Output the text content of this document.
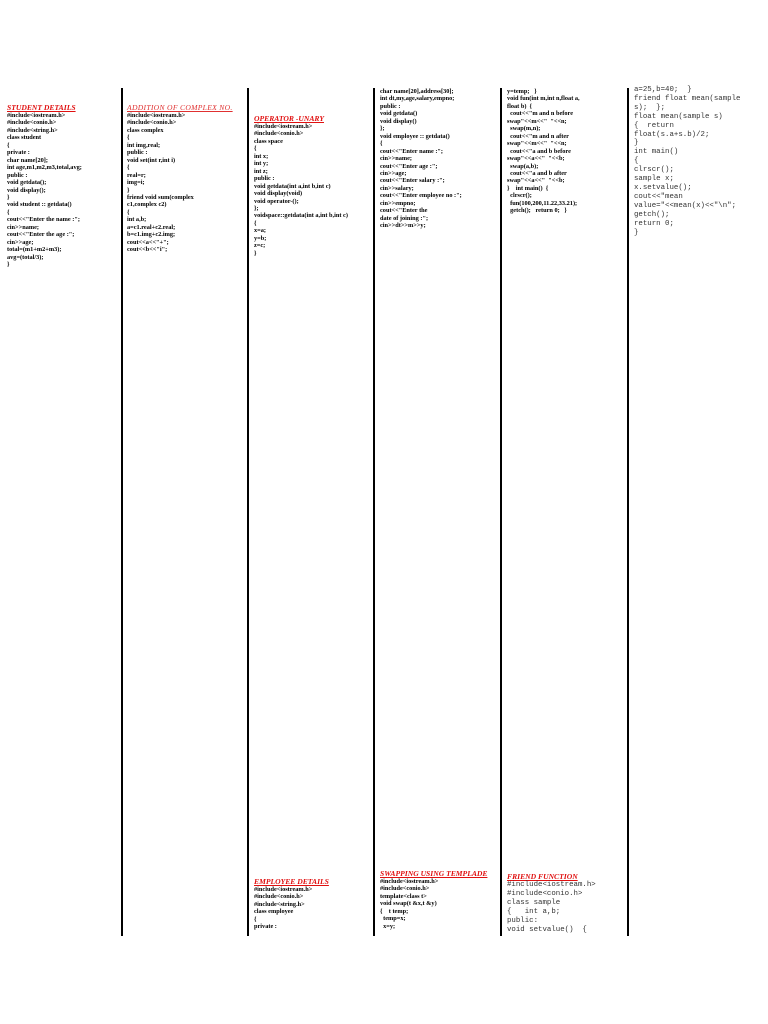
STUDENT DETAILS
#include<iostream.h>
#include<conio.h>
#include<string.h>
class student
{
private :
char name[20];
int age,m1,m2,m3,total,avg;
public :
void getdata();
void display();
}
void student :: getdata()
{
cout<<"Enter the name :";
cin>>name;
cout<<"Enter the age :";
cin>>age;
total=(m1+m2+m3);
avg=(total/3);
}
ADDITION OF COMPLEX NO.
#include<iostream.h>
#include<conio.h>
class complex
{
int img,real;
public :
void set(int r,int i)
{
real=r;
img=i;
}
friend void sum(complex
c1,complex c2)
{
int a,b;
a=c1.real+c2.real;
b=c1.img+c2.img;
cout<<a<<"+";
cout<<b<<"i";
OPERATOR -UNARY
#include<iostream.h>
#include<conio.h>
class space
{
int x;
int y;
int z;
public :
void getdata(int a,int b,int c)
void display(void)
void operator-();
};
voidspace::getdata(int a,int b,int c)
{
x=a;
y=b;
z=c;
}
EMPLOYEE DETAILS
#include<iostream.h>
#include<conio.h>
#include<string.h>
class employee
{
private :
char name[20],address[30];
int dt,my,age,salary,empno;
public :
void getdata()
void display()
};
void employee :: getdata()
{
cout<<"Enter name :";
cin>>name;
cout<<"Enter age :";
cin>>age;
cout<<"Enter salary :";
cin>>salary;
cout<<"Enter employee no :";
cin>>empno;
cout<<"Enter the
date of joining :";
cin>>dt>>m>>y;
SWAPPING USING TEMPLADE
#include<iostream.h>
#include<conio.h>
template<class t>
void swap(t &x,t &y)
{    t temp;
temp=x;
x=y;
y=temp;   }
void fun(int m,int n,float a,
float b)  {
cout<<"m and n before
swap"<<m<<"  "<<n;
swap(m,n);
cout<<"m and n after
swap"<<m<<"  "<<n;
cout<<"a and b before
swap"<<a<<"  "<<b;
swap(a,b);
cout<<"a and b after
swap"<<a<<"  "<<b;
}    int main()  {
clrscr();
fun(100,200,11.22,33.21);
getch();   return 0;   }
FRIEND FUNCTION
#include<iostream.h>
#include<conio.h>
class sample
{   int a,b;
public:
void setvalue()  {
a=25,b=40;  }
friend float mean(sample
s);  };
float mean(sample s)
{  return
float(s.a+s.b)/2;
}
int main()
{
clrscr();
sample x;
x.setvalue();
cout<<"mean
value="<<mean(x)<<"\n";
getch();
return 0;
}
